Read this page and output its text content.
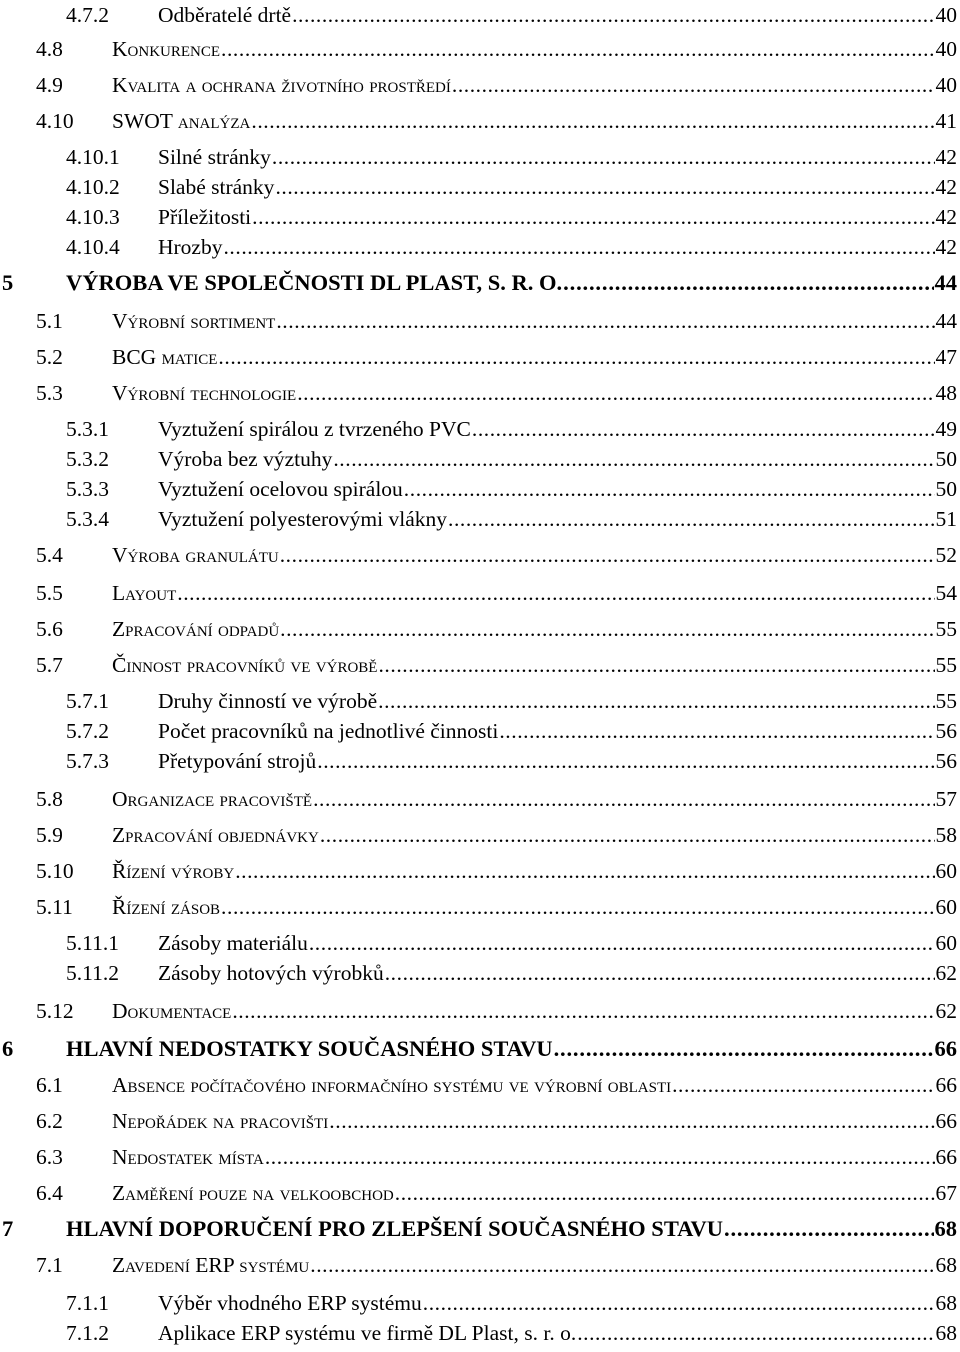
4.7.2 Odběratelé drtě . . .	40
4.8 Konkurence . . .	40
4.9 Kvalita a ochrana životního prostředí . . .	40
4.10 SWOT analýza . . .	41
4.10.1 Silné stránky . . .	42
4.10.2 Slabé stránky . . .	42
4.10.3 Příležitosti . . .	42
4.10.4 Hrozby . . .	42
5 VÝROBA VE SPOLEČNOSTI DL PLAST, S. R. O. . . .	44
5.1 Výrobní sortiment . . .	44
5.2 BCG matice . . .	47
5.3 Výrobní technologie . . .	48
5.3.1 Vyztužení spirálou z tvrzeného PVC . . .	49
5.3.2 Výroba bez výztuhy . . .	50
5.3.3 Vyztužení ocelovou spirálou . . .	50
5.3.4 Vyztužení polyesterovými vlákny . . .	51
5.4 Výroba granulátu . . .	52
5.5 Layout . . .	54
5.6 Zpracování odpadů . . .	55
5.7 Činnost pracovníků ve výrobě . . .	55
5.7.1 Druhy činností ve výrobě . . .	55
5.7.2 Počet pracovníků na jednotlivé činnosti . . .	56
5.7.3 Přetypování strojů . . .	56
5.8 Organizace pracoviště . . .	57
5.9 Zpracování objednávky . . .	58
5.10 Řízení výroby . . .	60
5.11 Řízení zásob . . .	60
5.11.1 Zásoby materiálu . . .	60
5.11.2 Zásoby hotových výrobků . . .	62
5.12 Dokumentace . . .	62
6 HLAVNÍ NEDOSTATKY SOUČASNÉHO STAVU . . .	66
6.1 Absence počítačového informačního systému ve výrobní oblasti . . .	66
6.2 Nepořádek na pracovišti . . .	66
6.3 Nedostatek místa . . .	66
6.4 Zaměření pouze na velkoobchod . . .	67
7 HLAVNÍ DOPORUČENÍ PRO ZLEPŠENÍ SOUČASNÉHO STAVU . . .	68
7.1 Zavedení ERP systému . . .	68
7.1.1 Výběr vhodného ERP systému . . .	68
7.1.2 Aplikace ERP systému ve firmě DL Plast, s. r. o. . . .	68
